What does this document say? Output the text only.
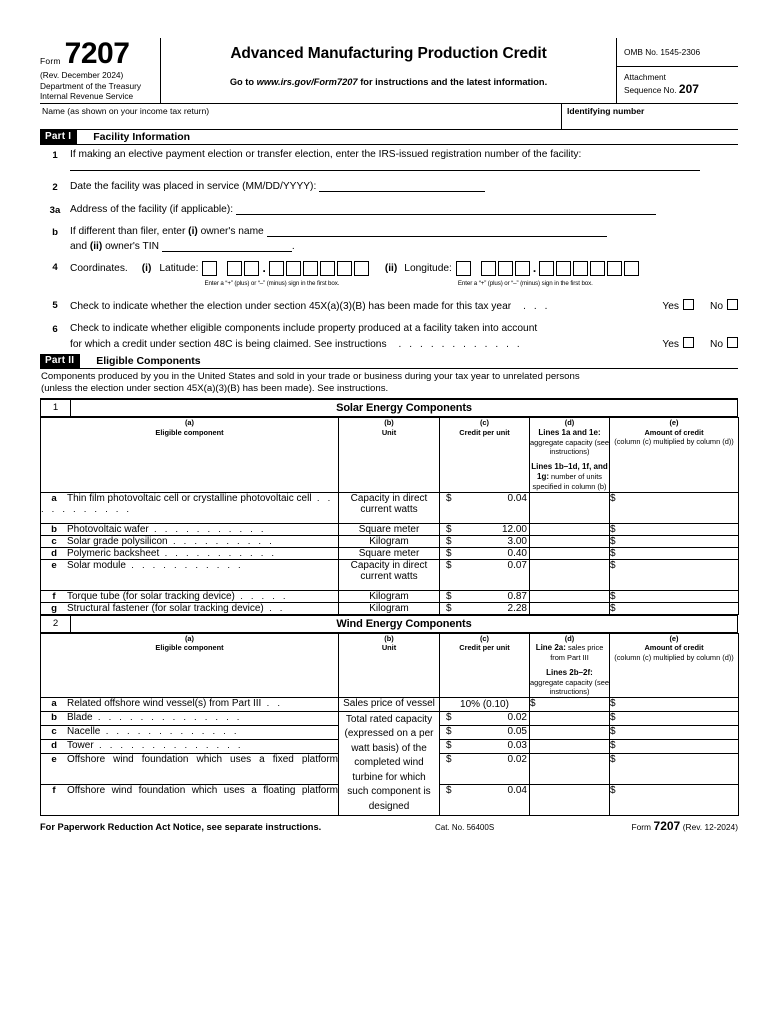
Form 7207
(Rev. December 2024)
Department of the Treasury
Internal Revenue Service
Advanced Manufacturing Production Credit
Go to www.irs.gov/Form7207 for instructions and the latest information.
OMB No. 1545-2306
Attachment
Sequence No. 207
Name (as shown on your income tax return)	Identifying number
Part I	Facility Information
1	If making an elective payment election or transfer election, enter the IRS-issued registration number of the facility:
2	Date the facility was placed in service (MM/DD/YYYY):
3a Address of the facility (if applicable):
b	If different than filer, enter (i) owner's name
and (ii) owner's TIN	.
4	Coordinates.	(i) Latitude:	.
Enter a “+” (plus) or “–” (minus) sign in the first box.
(ii) Longitude:	.
Enter a “+” (plus) or “–” (minus) sign in the first box.
5	Check to indicate whether the election under section 45X(a)(3)(B) has been made for this tax year	. . .	Yes	No
6	Check to indicate whether eligible components include property produced at a facility taken into account
for which a credit under section 48C is being claimed. See instructions	. . . . . . . . . . . .	Yes	No
Part II	Eligible Components
Components produced by you in the United States and sold in your trade or business during your tax year to unrelated persons
(unless the election under section 45X(a)(3)(B) has been made). See instructions.
1	Solar Energy Components
(a)
Eligible component

(b)
Unit

(c)
Credit per unit

(d)
Lines 1a and 1e: aggregate capacity (see instructions)
Lines 1b–1d, 1f, and 1g: number of units specified in column (b)

(e)
Amount of credit
(column (c) multiplied by column (d))

a Thin film photovoltaic cell or crystalline photovoltaic cell . . . . . . . . . . .	Capacity in direct current watts	$ 0.04		$

b Photovoltaic wafer . . . . . . . . . . .	Square meter	$ 12.00		$

c Solar grade polysilicon . . . . . . . . . .	Kilogram	$ 3.00		$

d Polymeric backsheet . . . . . . . . . . .	Square meter	$ 0.40		$

e Solar module . . . . . . . . . . .	Capacity in direct current watts	$ 0.07		$

f Torque tube (for solar tracking device) . . . . .	Kilogram	$ 0.87		$

g Structural fastener (for solar tracking device) . .	Kilogram	$ 2.28		$
2	Wind Energy Components
(a)
Eligible component

(b)
Unit

(c)
Credit per unit

(d)
Line 2a: sales price from Part III
Lines 2b–2f: aggregate capacity (see instructions)

(e)
Amount of credit
(column (c) multiplied by column (d))

a Related offshore wind vessel(s) from Part III . .	Sales price of vessel	10% (0.10)	$	$
b Blade . . . . . . . . . . . . . .	Total rated capacity (expressed on a per watt basis) of the completed wind turbine for which such component is designed	$ 0.02		$
c Nacelle . . . . . . . . . . . . .		$ 0.05		$
d Tower . . . . . . . . . . . . . .		$ 0.03		$

e Offshore wind foundation which uses a fixed platform		$ 0.02		$

f Offshore wind foundation which uses a floating platform		$ 0.04		$
For Paperwork Reduction Act Notice, see separate instructions.	Cat. No. 56400S	Form 7207 (Rev. 12-2024)
